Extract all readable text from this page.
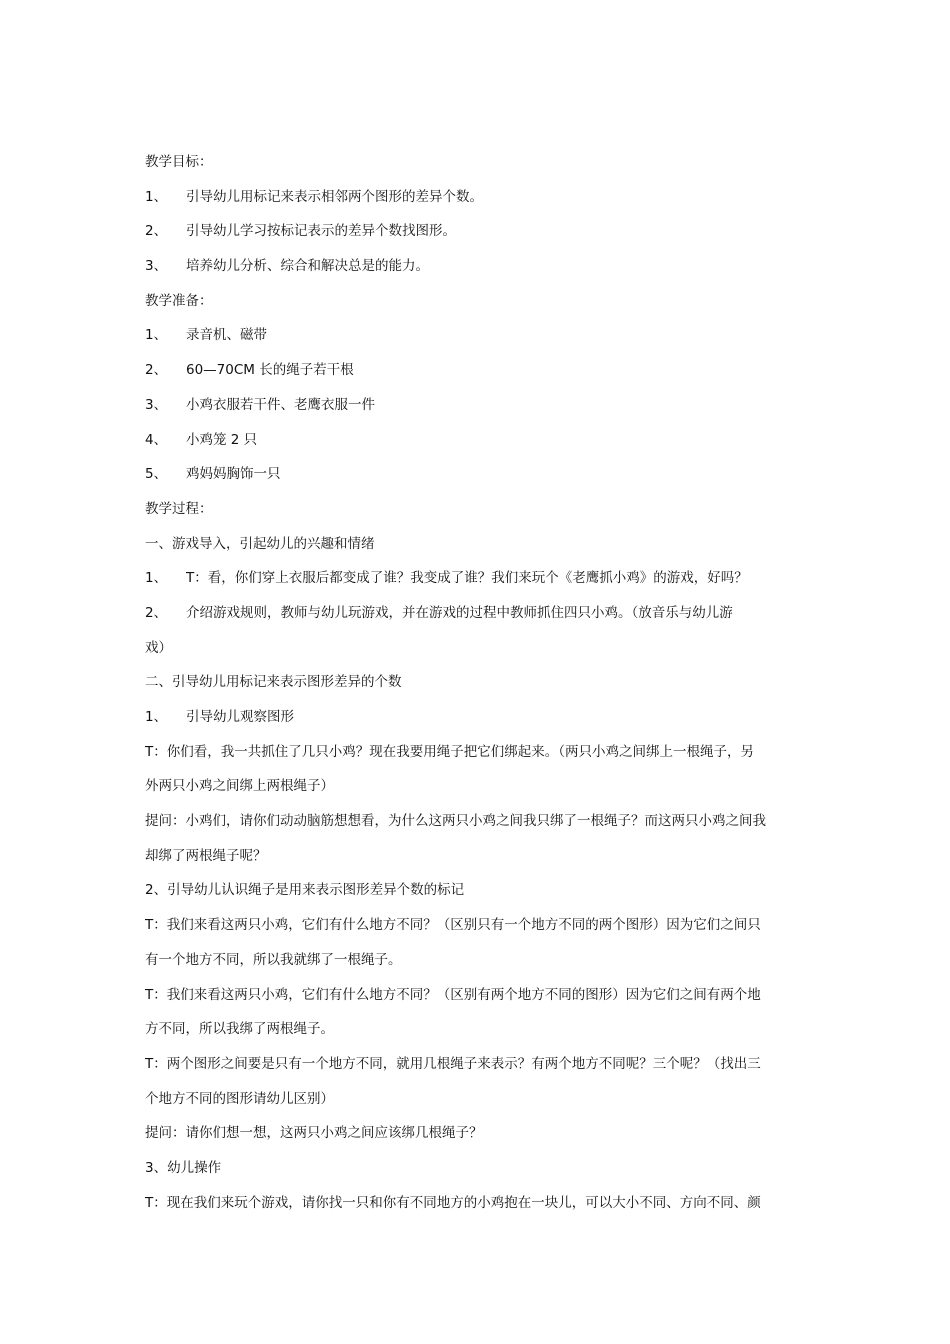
教学目标：
1、	引导幼儿用标记来表示相邻两个图形的差异个数。
2、	引导幼儿学习按标记表示的差异个数找图形。
3、	培养幼儿分析、综合和解决总是的能力。
教学准备：
1、	录音机、磁带
2、	60—70CM 长的绳子若干根
3、	小鸡衣服若干件、老鹰衣服一件
4、	小鸡笼 2 只
5、	鸡妈妈胸饰一只
教学过程：
一、游戏导入，引起幼儿的兴趣和情绪
1、	T：看，你们穿上衣服后都变成了谁？我变成了谁？我们来玩个《老鹰抓小鸡》的游戏，好吗？
2、	介绍游戏规则，教师与幼儿玩游戏，并在游戏的过程中教师抓住四只小鸡。（放音乐与幼儿游
戏）
二、引导幼儿用标记来表示图形差异的个数
1、	引导幼儿观察图形
T：你们看，我一共抓住了几只小鸡？现在我要用绳子把它们绑起来。（两只小鸡之间绑上一根绳子，另
外两只小鸡之间绑上两根绳子）
提问：小鸡们，请你们动动脑筋想想看，为什么这两只小鸡之间我只绑了一根绳子？而这两只小鸡之间我
却绑了两根绳子呢？
2、引导幼儿认识绳子是用来表示图形差异个数的标记
T：我们来看这两只小鸡，它们有什么地方不同？（区别只有一个地方不同的两个图形）因为它们之间只
有一个地方不同，所以我就绑了一根绳子。
T：我们来看这两只小鸡，它们有什么地方不同？（区别有两个地方不同的图形）因为它们之间有两个地
方不同，所以我绑了两根绳子。
T：两个图形之间要是只有一个地方不同，就用几根绳子来表示？有两个地方不同呢？三个呢？（找出三
个地方不同的图形请幼儿区别）
提问：请你们想一想，这两只小鸡之间应该绑几根绳子？
3、幼儿操作
T：现在我们来玩个游戏，请你找一只和你有不同地方的小鸡抱在一块儿，可以大小不同、方向不同、颜
